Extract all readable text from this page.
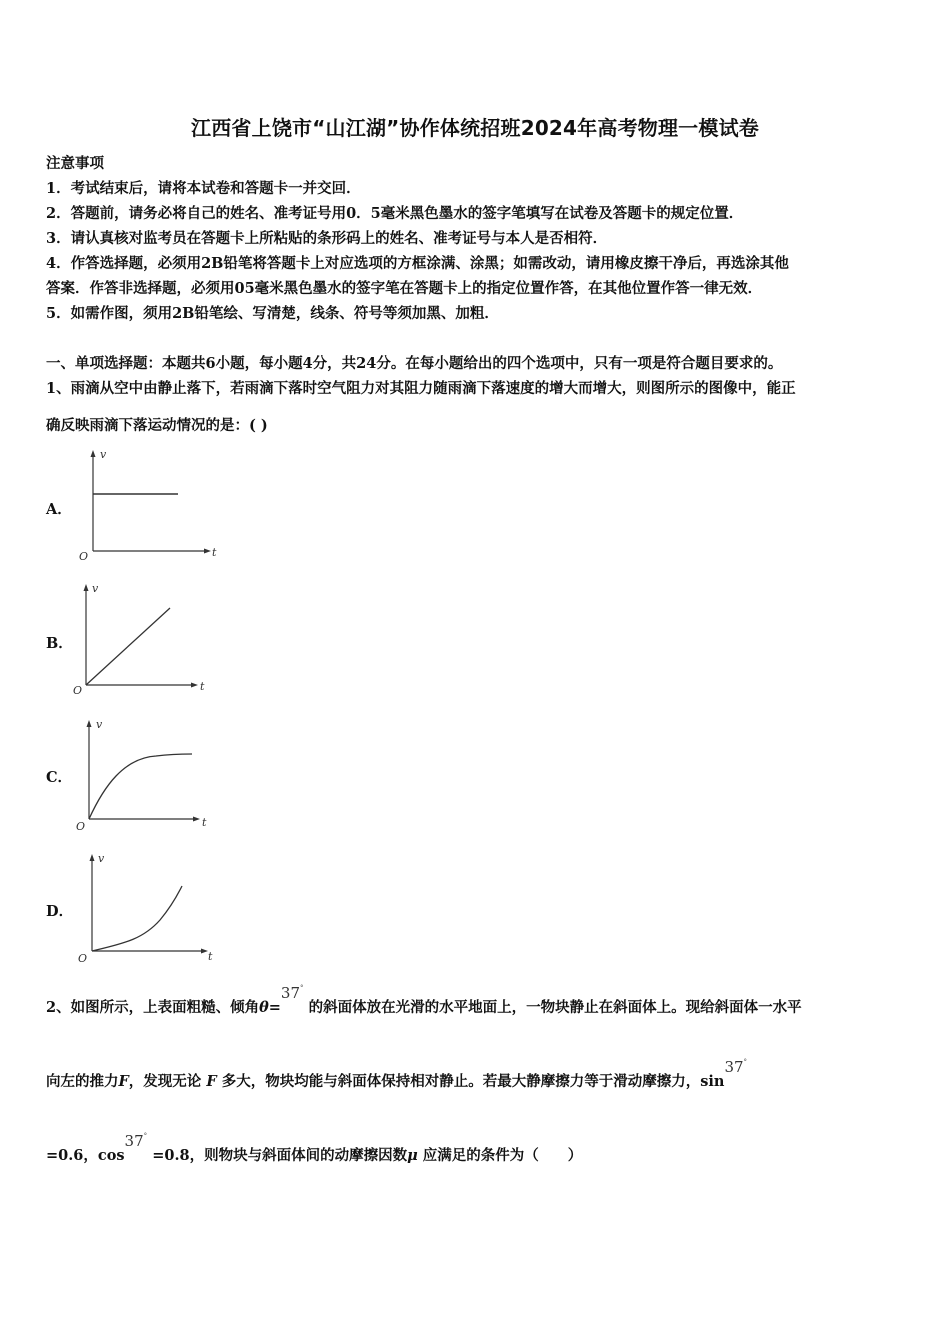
江西省上饶市“山江湖”协作体统招班2024年高考物理一模试卷
注意事项
1．考试结束后，请将本试卷和答题卡一并交回．
2．答题前，请务必将自己的姓名、准考证号用0．5毫米黑色墨水的签字笔填写在试卷及答题卡的规定位置．
3．请认真核对监考员在答题卡上所粘贴的条形码上的姓名、准考证号与本人是否相符．
4．作答选择题，必须用2B铅笔将答题卡上对应选项的方框涂满、涂黑；如需改动，请用橡皮擦干净后，再选涂其他
答案．作答非选择题，必须用05毫米黑色墨水的签字笔在答题卡上的指定位置作答，在其他位置作答一律无效．
5．如需作图，须用2B铅笔绘、写清楚，线条、符号等须加黑、加粗．
一、单项选择题：本题共6小题，每小题4分，共24分。在每小题给出的四个选项中，只有一项是符合题目要求的。
1、雨滴从空中由静止落下，若雨滴下落时空气阻力对其阻力随雨滴下落速度的增大而增大，则图所示的图像中，能正
确反映雨滴下落运动情况的是：( )
A．
v
t
O
B．
v
t
O
C．
v
t
O
D．
v
t
O
2、如图所示，上表面粗糙、倾角θ=37° 的斜面体放在光滑的水平地面上，一物块静止在斜面体上。现给斜面体一水平
向左的推力F，发现无论 F 多大，物块均能与斜面体保持相对静止。若最大静摩擦力等于滑动摩擦力，sin37°
=0.6，cos37° =0.8，则物块与斜面体间的动摩擦因数μ 应满足的条件为（　　）
